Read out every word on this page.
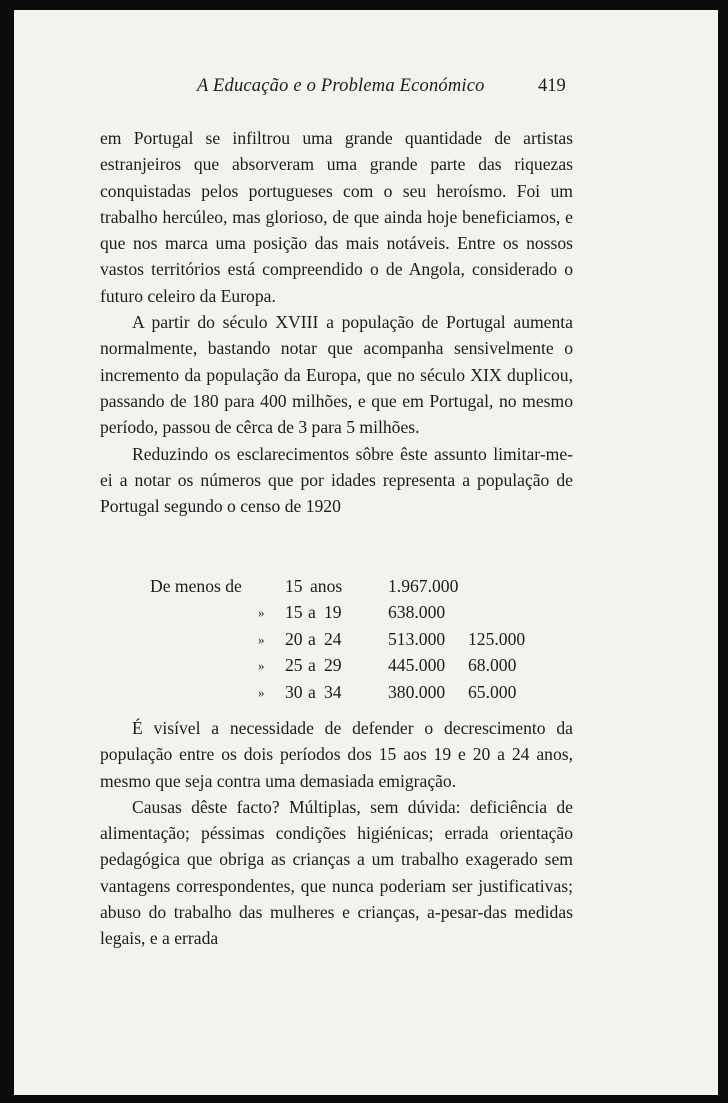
A Educação e o Problema Económico	419

em Portugal se infiltrou uma grande quantidade de artistas estranjeiros que absorveram uma grande parte das riquezas conquistadas pelos portugueses com o seu heroísmo. Foi um trabalho hercúleo, mas glorioso, de que ainda hoje beneficiamos, e que nos marca uma posição das mais notáveis. Entre os nossos vastos territórios está compreendido o de Angola, considerado o futuro celeiro da Europa.

A partir do século XVIII a população de Portugal aumenta normalmente, bastando notar que acompanha sensivelmente o incremento da população da Europa, que no século XIX duplicou, passando de 180 para 400 milhões, e que em Portugal, no mesmo período, passou de cêrca de 3 para 5 milhões.

Reduzindo os esclarecimentos sôbre êste assunto limitar-me-ei a notar os números que por idades representa a população de Portugal segundo o censo de 1920

De menos de 15 anos	1.967.000
» 15 a 19	638.000
» 20 a 24	513.000 125.000
» 25 a 29	445.000 68.000
» 30 a 34	380.000 65.000

É visível a necessidade de defender o decrescimento da população entre os dois períodos dos 15 aos 19 e 20 a 24 anos, mesmo que seja contra uma demasiada emigração.

Causas dêste facto? Múltiplas, sem dúvida: deficiência de alimentação; péssimas condições higiénicas; errada orientação pedagógica que obriga as crianças a um trabalho exagerado sem vantagens correspondentes, que nunca poderiam ser justificativas; abuso do trabalho das mulheres e crianças, a-pesar-das medidas legais, e a errada
